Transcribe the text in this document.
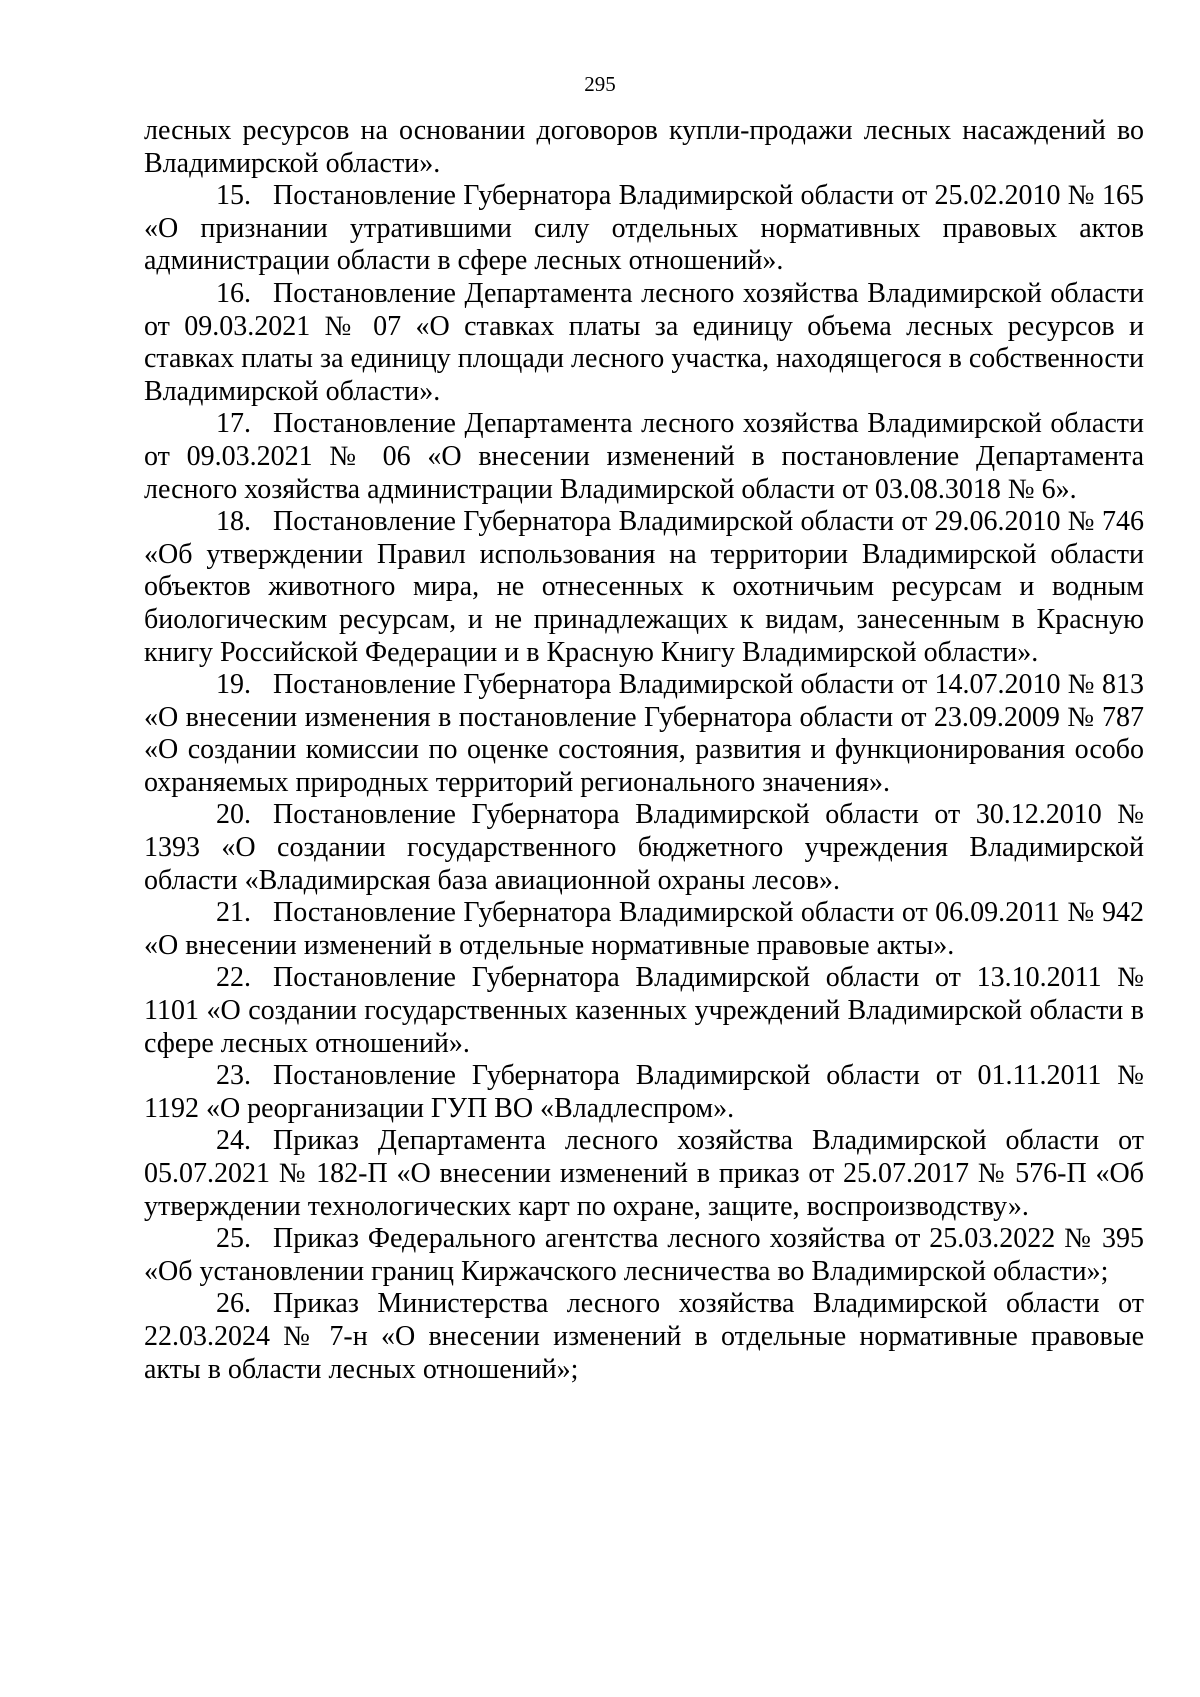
295

лесных ресурсов на основании договоров купли-продажи лесных насаждений во Владимирской области».

15. Постановление Губернатора Владимирской области от 25.02.2010 № 165 «О признании утратившими силу отдельных нормативных правовых актов администрации области в сфере лесных отношений».

16. Постановление Департамента лесного хозяйства Владимирской области от 09.03.2021 № 07 «О ставках платы за единицу объема лесных ресурсов и ставках платы за единицу площади лесного участка, находящегося в собственности Владимирской области».

17. Постановление Департамента лесного хозяйства Владимирской области от 09.03.2021 № 06 «О внесении изменений в постановление Департамента лесного хозяйства администрации Владимирской области от 03.08.3018 № 6».

18. Постановление Губернатора Владимирской области от 29.06.2010 № 746 «Об утверждении Правил использования на территории Владимирской области объектов животного мира, не отнесенных к охотничьим ресурсам и водным биологическим ресурсам, и не принадлежащих к видам, занесенным в Красную книгу Российской Федерации и в Красную Книгу Владимирской области».

19. Постановление Губернатора Владимирской области от 14.07.2010 № 813 «О внесении изменения в постановление Губернатора области от 23.09.2009 № 787 «О создании комиссии по оценке состояния, развития и функционирования особо охраняемых природных территорий регионального значения».

20. Постановление Губернатора Владимирской области от 30.12.2010 № 1393 «О создании государственного бюджетного учреждения Владимирской области «Владимирская база авиационной охраны лесов».

21. Постановление Губернатора Владимирской области от 06.09.2011 № 942 «О внесении изменений в отдельные нормативные правовые акты».

22. Постановление Губернатора Владимирской области от 13.10.2011 № 1101 «О создании государственных казенных учреждений Владимирской области в сфере лесных отношений».

23. Постановление Губернатора Владимирской области от 01.11.2011 № 1192 «О реорганизации ГУП ВО «Владлеспром».

24. Приказ Департамента лесного хозяйства Владимирской области от 05.07.2021 № 182-П «О внесении изменений в приказ от 25.07.2017 № 576-П «Об утверждении технологических карт по охране, защите, воспроизводству».

25. Приказ Федерального агентства лесного хозяйства от 25.03.2022 № 395 «Об установлении границ Киржачского лесничества во Владимирской области»;

26. Приказ Министерства лесного хозяйства Владимирской области от 22.03.2024 № 7-н «О внесении изменений в отдельные нормативные правовые акты в области лесных отношений»;
